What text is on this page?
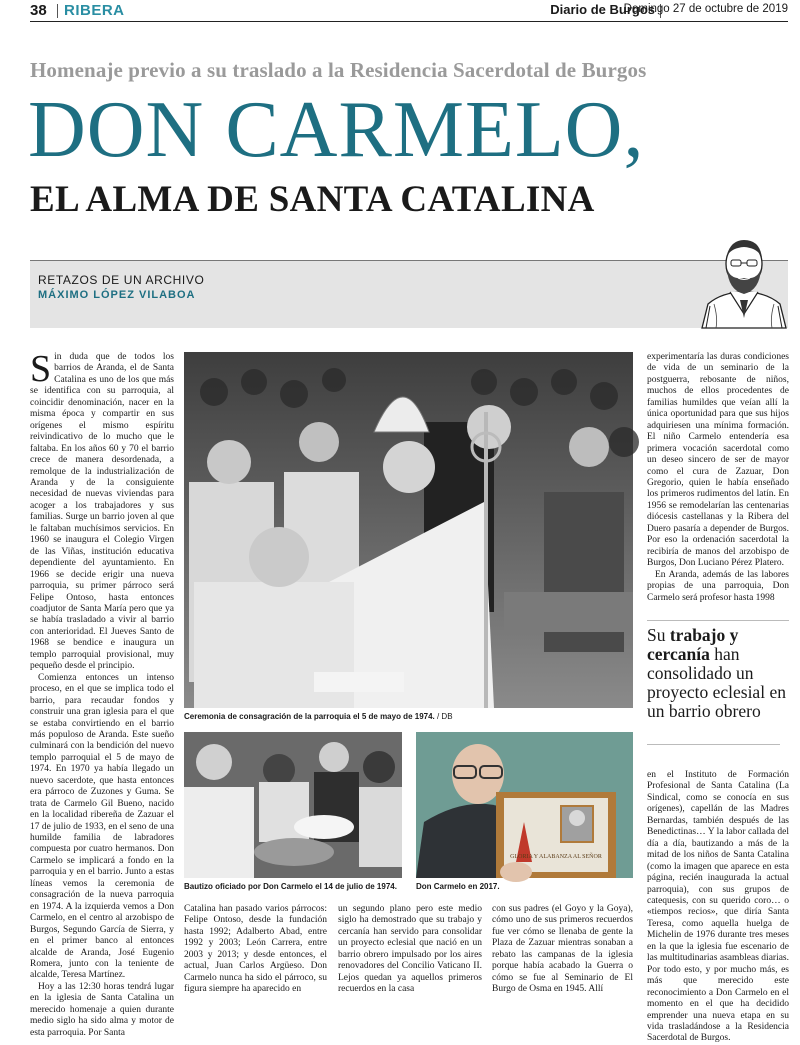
38 RIBERA	Diario de Burgos
Domingo 27 de octubre de 2019
Homenaje previo a su traslado a la Residencia Sacerdotal de Burgos
DON CARMELO,
EL ALMA DE SANTA CATALINA
RETAZOS DE UN ARCHIVO
MÁXIMO LÓPEZ VILABOA

Sin duda que de todos los barrios de Aranda, el de Santa Catalina es uno de los que más se identifica con su parroquia, al coincidir denominación, nacer en la misma época y compartir en sus orígenes el mismo espíritu reivindicativo de lo mucho que le faltaba. En los años 60 y 70 el barrio crece de manera desordenada, a remolque de la industrialización de Aranda y de la consiguiente necesidad de nuevas viviendas para acoger a los trabajadores y sus familias. Surge un barrio joven al que le faltaban muchísimos servicios. En 1960 se inaugura el Colegio Virgen de las Viñas, institución educativa dependiente del ayuntamiento. En 1966 se decide erigir una nueva parroquia, su primer párroco será Felipe Ontoso, hasta entonces coadjutor de Santa María pero que ya se había trasladado a vivir al barrio con anterioridad. El Jueves Santo de 1968 se bendice e inaugura un templo parroquial provisional, muy pequeño desde el principio.

Comienza entonces un intenso proceso, en el que se implica todo el barrio, para recaudar fondos y construir una gran iglesia para el que se estaba convirtiendo en el barrio más populoso de Aranda. Este sueño culminará con la bendición del nuevo templo parroquial el 5 de mayo de 1974. En 1970 ya había llegado un nuevo sacerdote, que hasta entonces era párroco de Zuzones y Guma. Se trata de Carmelo Gil Bueno, nacido en la localidad ribereña de Zazuar el 17 de julio de 1933, en el seno de una humilde familia de labradores compuesta por cuatro hermanos. Don Carmelo se implicará a fondo en la parroquia y en el barrio. Junto a estas líneas vemos la ceremonia de consagración de la nueva parroquia en 1974. A la izquierda vemos a Don Carmelo, en el centro al arzobispo de Burgos, Segundo García de Sierra, y en el primer banco al entonces alcalde de Aranda, José Eugenio Romera, junto con la teniente de alcalde, Teresa Martínez.

Hoy a las 12:30 horas tendrá lugar en la iglesia de Santa Catalina un merecido homenaje a quien durante medio siglo ha sido alma y motor de esta parroquia. Por Santa

Ceremonia de consagración de la parroquia el 5 de mayo de 1974. / DB

experimentaría las duras condiciones de vida de un seminario de la postguerra, rebosante de niños, muchos de ellos procedentes de familias humildes que veían allí la única oportunidad para que sus hijos adquiriesen una mínima formación. El niño Carmelo entendería esa primera vocación sacerdotal como un deseo sincero de ser de mayor como el cura de Zazuar, Don Gregorio, quien le había enseñado los primeros rudimentos del latín. En 1956 se remodelarían las centenarias diócesis castellanas y la Ribera del Duero pasaría a depender de Burgos. Por eso la ordenación sacerdotal la recibiría de manos del arzobispo de Burgos, Don Luciano Pérez Platero.

En Aranda, además de las labores propias de una parroquia, Don Carmelo será profesor hasta 1998

Su trabajo y cercanía han consolidado un proyecto eclesial en un barrio obrero
Bautizo oficiado por Don Carmelo el 14 de julio de 1974.
GLORIA Y ALABANZA AL SEÑOR
Don Carmelo en 2017.

en el Instituto de Formación Profesional de Santa Catalina (La Sindical, como se conocía en sus orígenes), capellán de las Madres Bernardas, también después de las Benedictinas… Y la labor callada del día a día, bautizando a más de la mitad de los niños de Santa Catalina (como la imagen que aparece en esta página, recién inaugurada la actual parroquia), con sus grupos de catequesis, con su querido coro… o «tiempos recios», que diría Santa Teresa, como aquella huelga de Michelin de 1976 durante tres meses en la que la iglesia fue escenario de las multitudinarias asambleas diarias. Por todo esto, y por mucho más, es más que merecido este reconocimiento a Don Carmelo en el momento en el que ha decidido emprender una nueva etapa en su vida trasladándose a la Residencia Sacerdotal de Burgos.

Catalina han pasado varios párrocos: Felipe Ontoso, desde la fundación hasta 1992; Adalberto Abad, entre 1992 y 2003; León Carrera, entre 2003 y 2013; y desde entonces, el actual, Juan Carlos Argüeso. Don Carmelo nunca ha sido el párroco, su figura siempre ha aparecido en

un segundo plano pero este medio siglo ha demostrado que su trabajo y cercanía han servido para consolidar un proyecto eclesial que nació en un barrio obrero impulsado por los aires renovadores del Concilio Vaticano II. Lejos quedan ya aquellos primeros recuerdos en la casa

con sus padres (el Goyo y la Goya), cómo uno de sus primeros recuerdos fue ver cómo se llenaba de gente la Plaza de Zazuar mientras sonaban a rebato las campanas de la iglesia porque había acabado la Guerra o cómo se fue al Seminario de El Burgo de Osma en 1945. Allí
